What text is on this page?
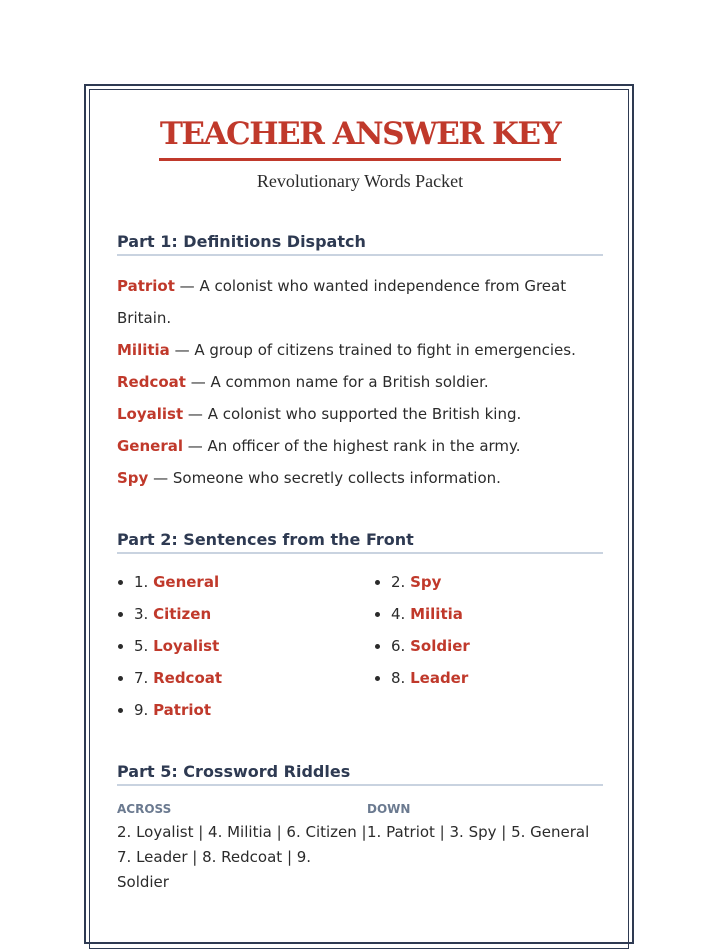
TEACHER ANSWER KEY
Revolutionary Words Packet
Part 1: Definitions Dispatch
Patriot — A colonist who wanted independence from Great Britain.
Militia — A group of citizens trained to fight in emergencies.
Redcoat — A common name for a British soldier.
Loyalist — A colonist who supported the British king.
General — An officer of the highest rank in the army.
Spy — Someone who secretly collects information.
Part 2: Sentences from the Front
• 1. General	• 2. Spy
• 3. Citizen	• 4. Militia
• 5. Loyalist	• 6. Soldier
• 7. Redcoat	• 8. Leader
• 9. Patriot
Part 5: Crossword Riddles
ACROSS
2. Loyalist | 4. Militia | 6. Citizen | 7. Leader | 8. Redcoat | 9. Soldier
DOWN
1. Patriot | 3. Spy | 5. General
